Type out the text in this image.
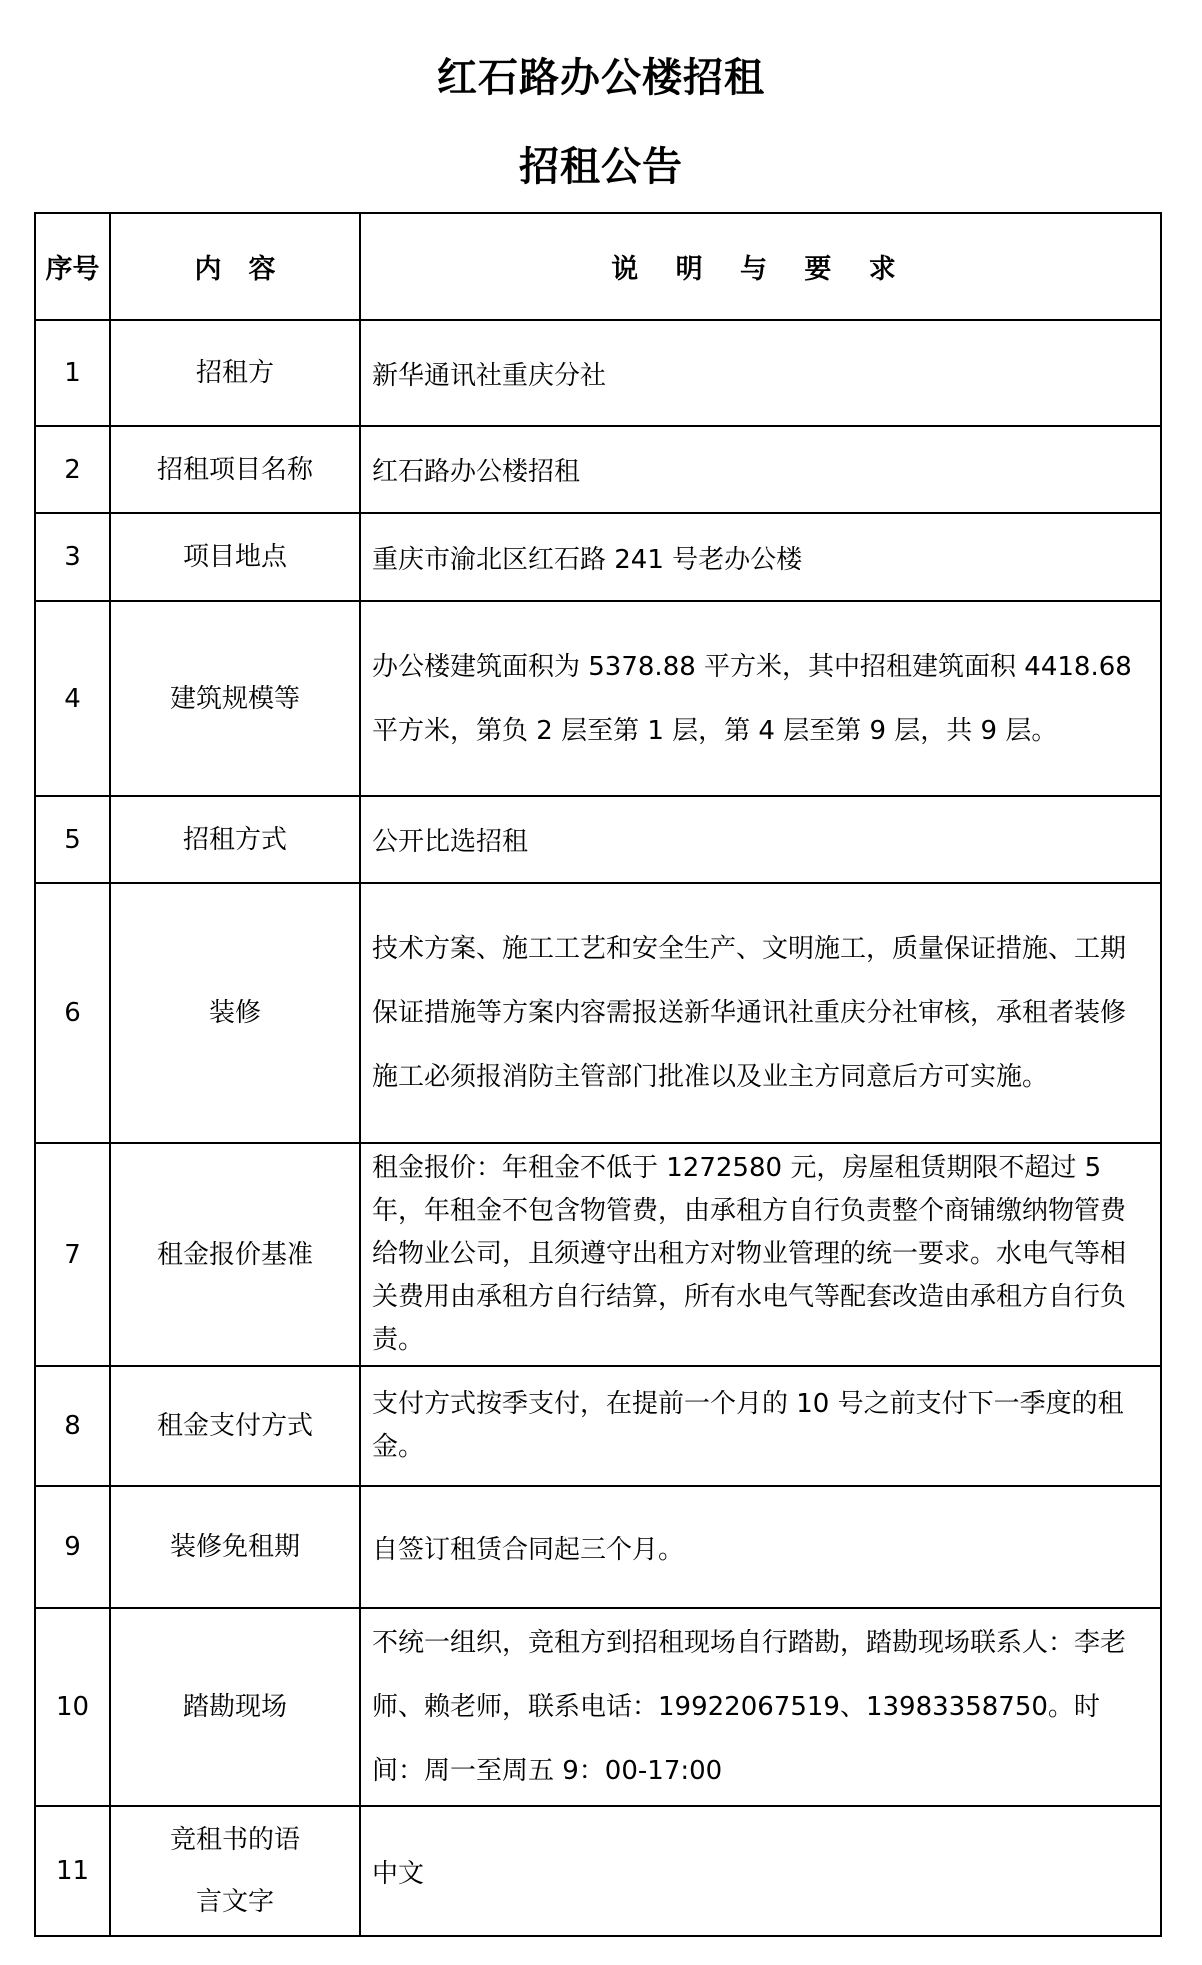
红石路办公楼招租
招租公告
序号	内　容	说 明 与 要 求
1	招租方	新华通讯社重庆分社
2	招租项目名称	红石路办公楼招租
3	项目地点	重庆市渝北区红石路 241 号老办公楼
4	建筑规模等	办公楼建筑面积为 5378.88 平方米，其中招租建筑面积 4418.68 平方米，第负 2 层至第 1 层，第 4 层至第 9 层，共 9 层。
5	招租方式	公开比选招租
6	装修	技术方案、施工工艺和安全生产、文明施工，质量保证措施、工期保证措施等方案内容需报送新华通讯社重庆分社审核，承租者装修施工必须报消防主管部门批准以及业主方同意后方可实施。
7	租金报价基准	租金报价：年租金不低于 1272580 元，房屋租赁期限不超过 5 年，年租金不包含物管费，由承租方自行负责整个商铺缴纳物管费给物业公司，且须遵守出租方对物业管理的统一要求。水电气等相关费用由承租方自行结算，所有水电气等配套改造由承租方自行负责。
8	租金支付方式	支付方式按季支付，在提前一个月的 10 号之前支付下一季度的租金。
9	装修免租期	自签订租赁合同起三个月。
10	踏勘现场	不统一组织，竞租方到招租现场自行踏勘，踏勘现场联系人：李老师、赖老师，联系电话：19922067519、13983358750。时间：周一至周五 9：00-17:00
11	竞租书的语言文字	中文
